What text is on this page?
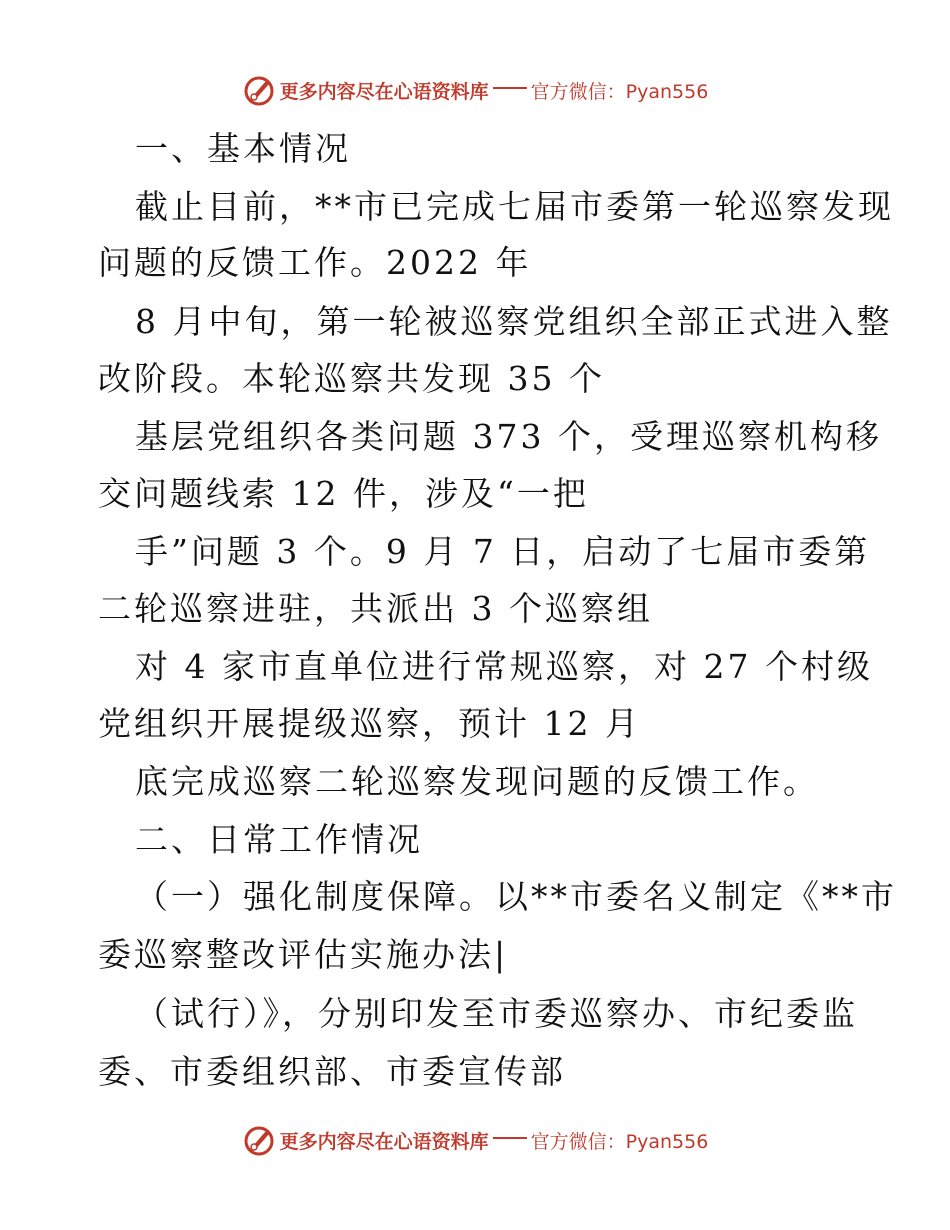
更多内容尽在心语资料库 官方微信：Pyan556
一、基本情况
截止目前，**市已完成七届市委第一轮巡察发现
问题的反馈工作。2022 年
8 月中旬，第一轮被巡察党组织全部正式进入整
改阶段。本轮巡察共发现 35 个
基层党组织各类问题 373 个，受理巡察机构移
交问题线索 12 件，涉及“一把
手”问题 3 个。9 月 7 日，启动了七届市委第
二轮巡察进驻，共派出 3 个巡察组
对 4 家市直单位进行常规巡察，对 27 个村级
党组织开展提级巡察，预计 12 月
底完成巡察二轮巡察发现问题的反馈工作。
二、日常工作情况
（一）强化制度保障。以**市委名义制定《**市
委巡察整改评估实施办法|
（试行）》，分别印发至市委巡察办、市纪委监
委、市委组织部、市委宣传部
更多内容尽在心语资料库 官方微信：Pyan556
